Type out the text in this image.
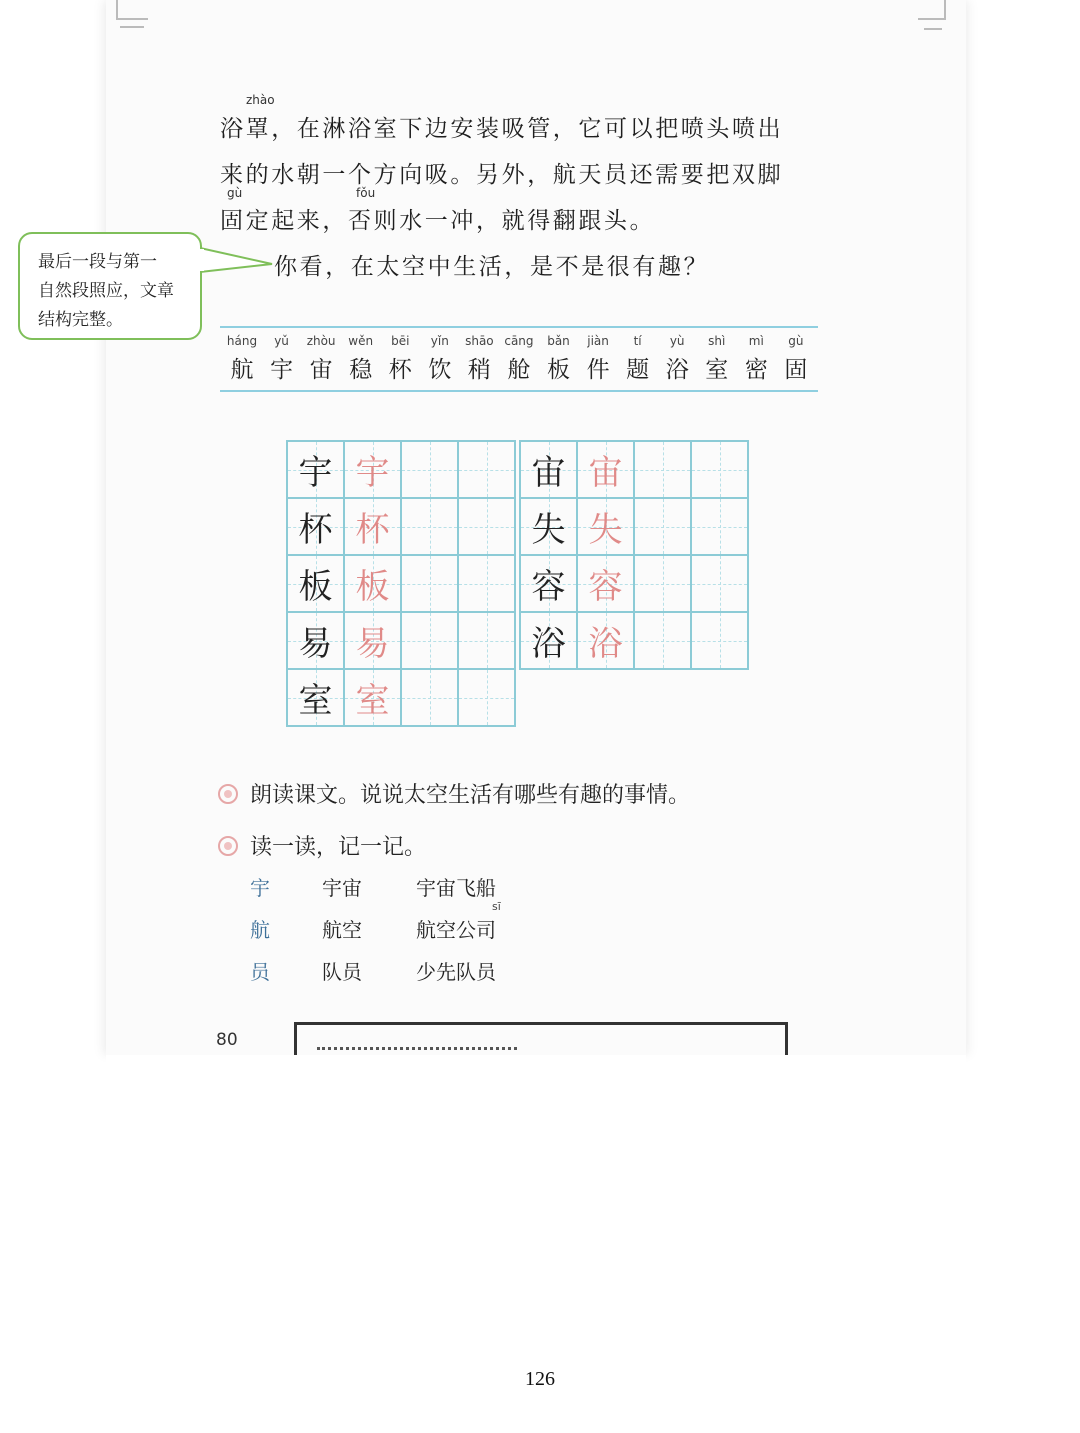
zhào
浴罩，在淋浴室下边安装吸管，它可以把喷头喷出
来的水朝一个方向吸。另外，航天员还需要把双脚
gù	fǒu
固定起来，否则水一冲，就得翻跟头。
你看，在太空中生活，是不是很有趣？
最后一段与第一
自然段照应，文章
结构完整。
háng
航
yǔ
宇
zhòu
宙
wěn
稳
bēi
杯
yǐn
饮
shāo
稍
cāng
舱
bǎn
板
jiàn
件
tí
题
yù
浴
shì
室
mì
密
gù
固
宇 宇
杯 杯
板 板
易 易
室 室
宙 宙
失 失
容 容
浴 浴
朗读课文。说说太空生活有哪些有趣的事情。
读一读，记一记。
宇	宇宙	宇宙飞船
sī
航	航空	航空公司
员	队员	少先队员
80
126
